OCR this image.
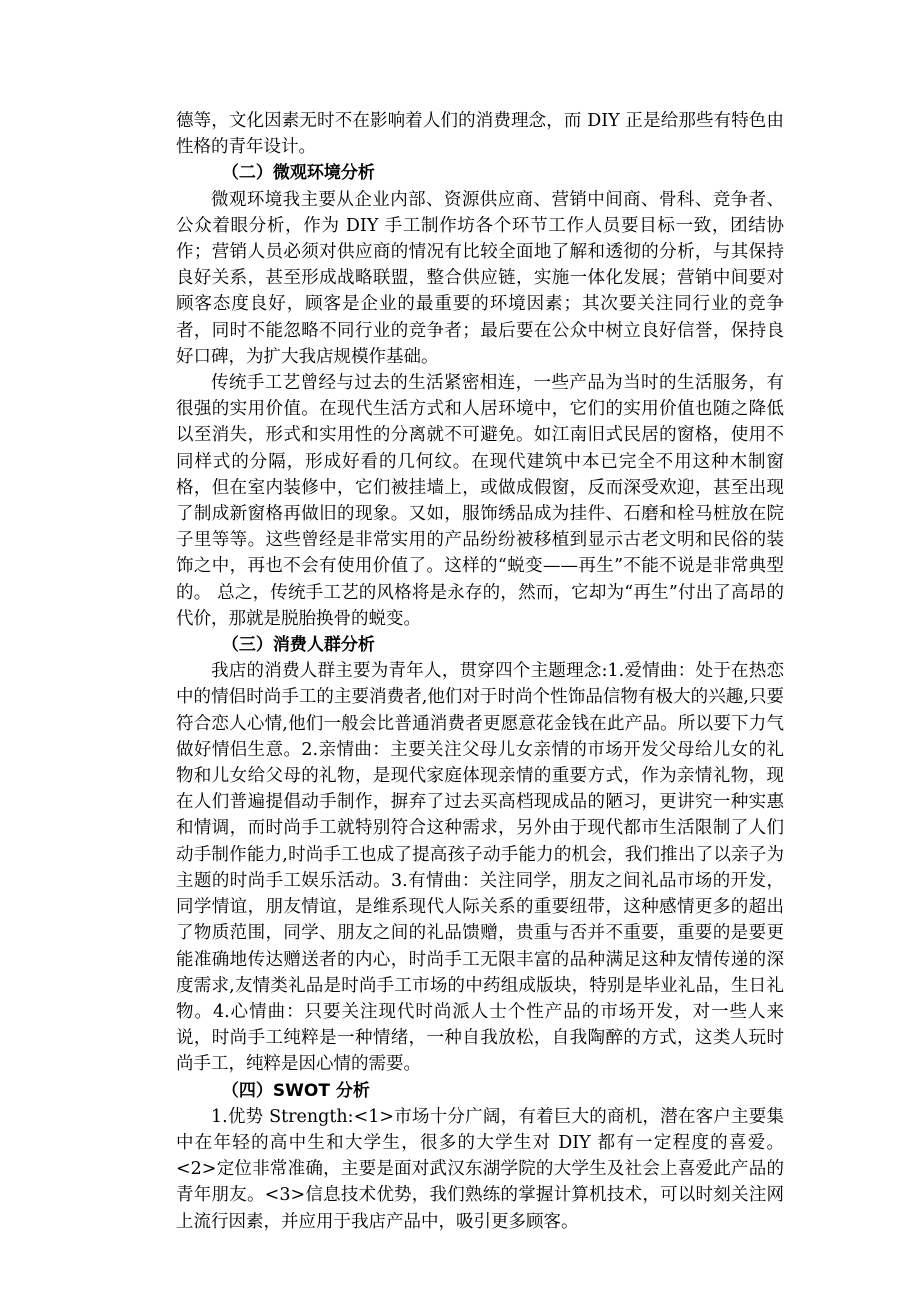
德等，文化因素无时不在影响着人们的消费理念，而 DIY 正是给那些有特色由性格的青年设计。

（二）微观环境分析

微观环境我主要从企业内部、资源供应商、营销中间商、骨科、竞争者、公众着眼分析，作为 DIY 手工制作坊各个环节工作人员要目标一致，团结协作；营销人员必须对供应商的情况有比较全面地了解和透彻的分析，与其保持良好关系，甚至形成战略联盟，整合供应链，实施一体化发展；营销中间要对顾客态度良好，顾客是企业的最重要的环境因素；其次要关注同行业的竞争者，同时不能忽略不同行业的竞争者；最后要在公众中树立良好信誉，保持良好口碑，为扩大我店规模作基础。

传统手工艺曾经与过去的生活紧密相连，一些产品为当时的生活服务，有很强的实用价值。在现代生活方式和人居环境中，它们的实用价值也随之降低以至消失，形式和实用性的分离就不可避免。如江南旧式民居的窗格，使用不同样式的分隔，形成好看的几何纹。在现代建筑中本已完全不用这种木制窗格，但在室内装修中，它们被挂墙上，或做成假窗，反而深受欢迎，甚至出现了制成新窗格再做旧的现象。又如，服饰绣品成为挂件、石磨和栓马桩放在院子里等等。这些曾经是非常实用的产品纷纷被移植到显示古老文明和民俗的装饰之中，再也不会有使用价值了。这样的“蜕变——再生”不能不说是非常典型的。 总之，传统手工艺的风格将是永存的，然而，它却为“再生”付出了高昂的代价，那就是脱胎换骨的蜕变。

（三）消费人群分析

我店的消费人群主要为青年人，贯穿四个主题理念:1.爱情曲：处于在热恋中的情侣时尚手工的主要消费者,他们对于时尚个性饰品信物有极大的兴趣,只要符合恋人心情,他们一般会比普通消费者更愿意花金钱在此产品。所以要下力气做好情侣生意。2.亲情曲：主要关注父母儿女亲情的市场开发父母给儿女的礼物和儿女给父母的礼物，是现代家庭体现亲情的重要方式，作为亲情礼物，现在人们普遍提倡动手制作，摒弃了过去买高档现成品的陋习，更讲究一种实惠和情调，而时尚手工就特别符合这种需求，另外由于现代都市生活限制了人们动手制作能力,时尚手工也成了提高孩子动手能力的机会，我们推出了以亲子为主题的时尚手工娱乐活动。3.有情曲：关注同学，朋友之间礼品市场的开发，同学情谊，朋友情谊，是维系现代人际关系的重要纽带，这种感情更多的超出了物质范围，同学、朋友之间的礼品馈赠，贵重与否并不重要，重要的是要更能准确地传达赠送者的内心，时尚手工无限丰富的品种满足这种友情传递的深度需求,友情类礼品是时尚手工市场的中药组成版块，特别是毕业礼品，生日礼物。4.心情曲：只要关注现代时尚派人士个性产品的市场开发，对一些人来说，时尚手工纯粹是一种情绪，一种自我放松，自我陶醉的方式，这类人玩时尚手工，纯粹是因心情的需要。

（四）SWOT 分析

1.优势 Strength:<1>市场十分广阔，有着巨大的商机，潜在客户主要集中在年轻的高中生和大学生，很多的大学生对 DIY 都有一定程度的喜爱。<2>定位非常准确，主要是面对武汉东湖学院的大学生及社会上喜爱此产品的青年朋友。<3>信息技术优势，我们熟练的掌握计算机技术，可以时刻关注网上流行因素，并应用于我店产品中，吸引更多顾客。
